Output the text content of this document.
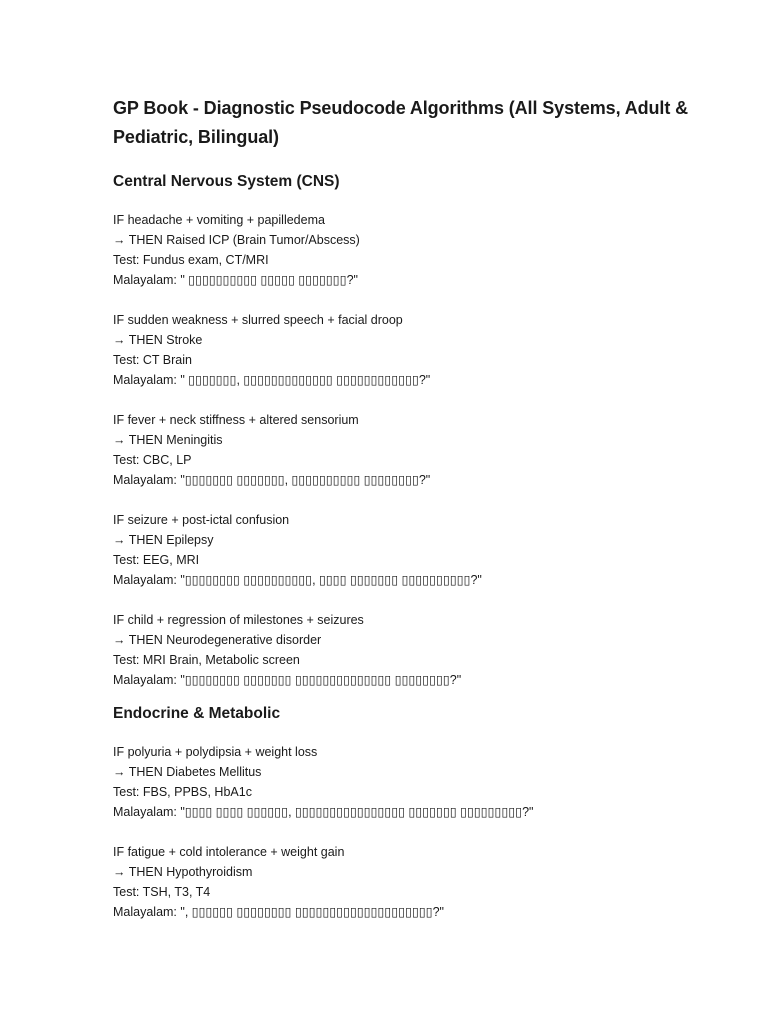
GP Book - Diagnostic Pseudocode Algorithms (All Systems, Adult & Pediatric, Bilingual)
Central Nervous System (CNS)
IF headache + vomiting + papilledema
→ THEN Raised ICP (Brain Tumor/Abscess)
Test: Fundus exam, CT/MRI
Malayalam: " ▯▯▯▯▯▯▯▯▯▯ ▯▯▯▯▯ ▯▯▯▯▯▯▯?"
IF sudden weakness + slurred speech + facial droop
→ THEN Stroke
Test: CT Brain
Malayalam: " ▯▯▯▯▯▯▯, ▯▯▯▯▯▯▯▯▯▯▯▯▯ ▯▯▯▯▯▯▯▯▯▯▯▯?"
IF fever + neck stiffness + altered sensorium
→ THEN Meningitis
Test: CBC, LP
Malayalam: "▯▯▯▯▯▯▯ ▯▯▯▯▯▯▯, ▯▯▯▯▯▯▯▯▯▯ ▯▯▯▯▯▯▯▯?"
IF seizure + post-ictal confusion
→ THEN Epilepsy
Test: EEG, MRI
Malayalam: "▯▯▯▯▯▯▯▯ ▯▯▯▯▯▯▯▯▯▯, ▯▯▯▯ ▯▯▯▯▯▯▯ ▯▯▯▯▯▯▯▯▯▯?"
IF child + regression of milestones + seizures
→ THEN Neurodegenerative disorder
Test: MRI Brain, Metabolic screen
Malayalam: "▯▯▯▯▯▯▯▯ ▯▯▯▯▯▯▯ ▯▯▯▯▯▯▯▯▯▯▯▯▯▯ ▯▯▯▯▯▯▯▯?"
Endocrine & Metabolic
IF polyuria + polydipsia + weight loss
→ THEN Diabetes Mellitus
Test: FBS, PPBS, HbA1c
Malayalam: "▯▯▯▯ ▯▯▯▯ ▯▯▯▯▯▯, ▯▯▯▯▯▯▯▯▯▯▯▯▯▯▯▯ ▯▯▯▯▯▯▯ ▯▯▯▯▯▯▯▯▯?"
IF fatigue + cold intolerance + weight gain
→ THEN Hypothyroidism
Test: TSH, T3, T4
Malayalam: ", ▯▯▯▯▯▯ ▯▯▯▯▯▯▯▯ ▯▯▯▯▯▯▯▯▯▯▯▯▯▯▯▯▯▯▯▯?"
